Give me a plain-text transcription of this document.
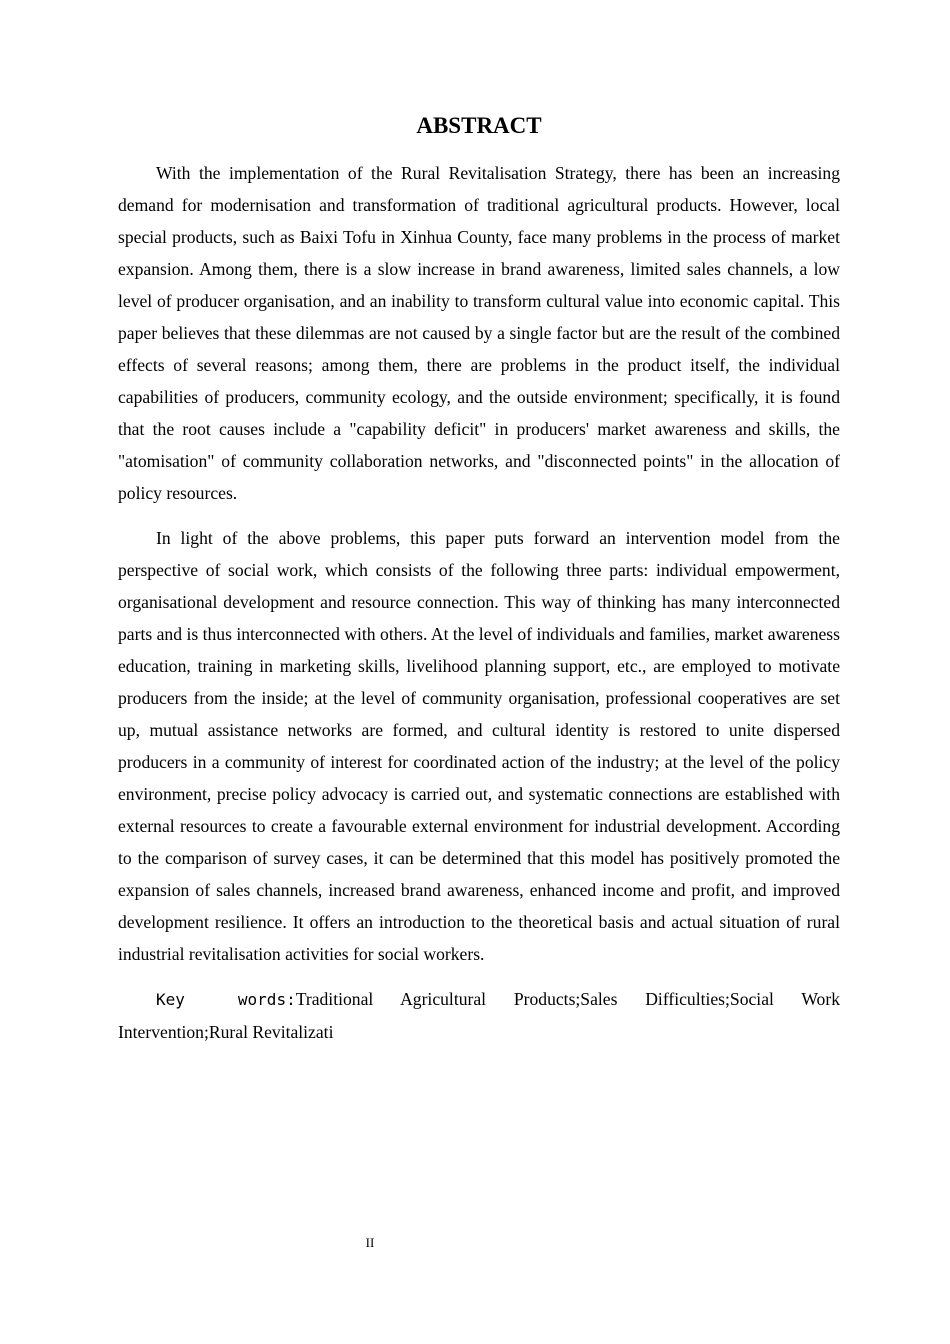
ABSTRACT

With the implementation of the Rural Revitalisation Strategy, there has been an increasing demand for modernisation and transformation of traditional agricultural products. However, local special products, such as Baixi Tofu in Xinhua County, face many problems in the process of market expansion. Among them, there is a slow increase in brand awareness, limited sales channels, a low level of producer organisation, and an inability to transform cultural value into economic capital. This paper believes that these dilemmas are not caused by a single factor but are the result of the combined effects of several reasons; among them, there are problems in the product itself, the individual capabilities of producers, community ecology, and the outside environment; specifically, it is found that the root causes include a "capability deficit" in producers' market awareness and skills, the "atomisation" of community collaboration networks, and "disconnected points" in the allocation of policy resources.

In light of the above problems, this paper puts forward an intervention model from the perspective of social work, which consists of the following three parts: individual empowerment, organisational development and resource connection. This way of thinking has many interconnected parts and is thus interconnected with others. At the level of individuals and families, market awareness education, training in marketing skills, livelihood planning support, etc., are employed to motivate producers from the inside; at the level of community organisation, professional cooperatives are set up, mutual assistance networks are formed, and cultural identity is restored to unite dispersed producers in a community of interest for coordinated action of the industry; at the level of the policy environment, precise policy advocacy is carried out, and systematic connections are established with external resources to create a favourable external environment for industrial development. According to the comparison of survey cases, it can be determined that this model has positively promoted the expansion of sales channels, increased brand awareness, enhanced income and profit, and improved development resilience. It offers an introduction to the theoretical basis and actual situation of rural industrial revitalisation activities for social workers.

Key words:Traditional Agricultural Products;Sales Difficulties;Social Work Intervention;Rural Revitalizati

II
